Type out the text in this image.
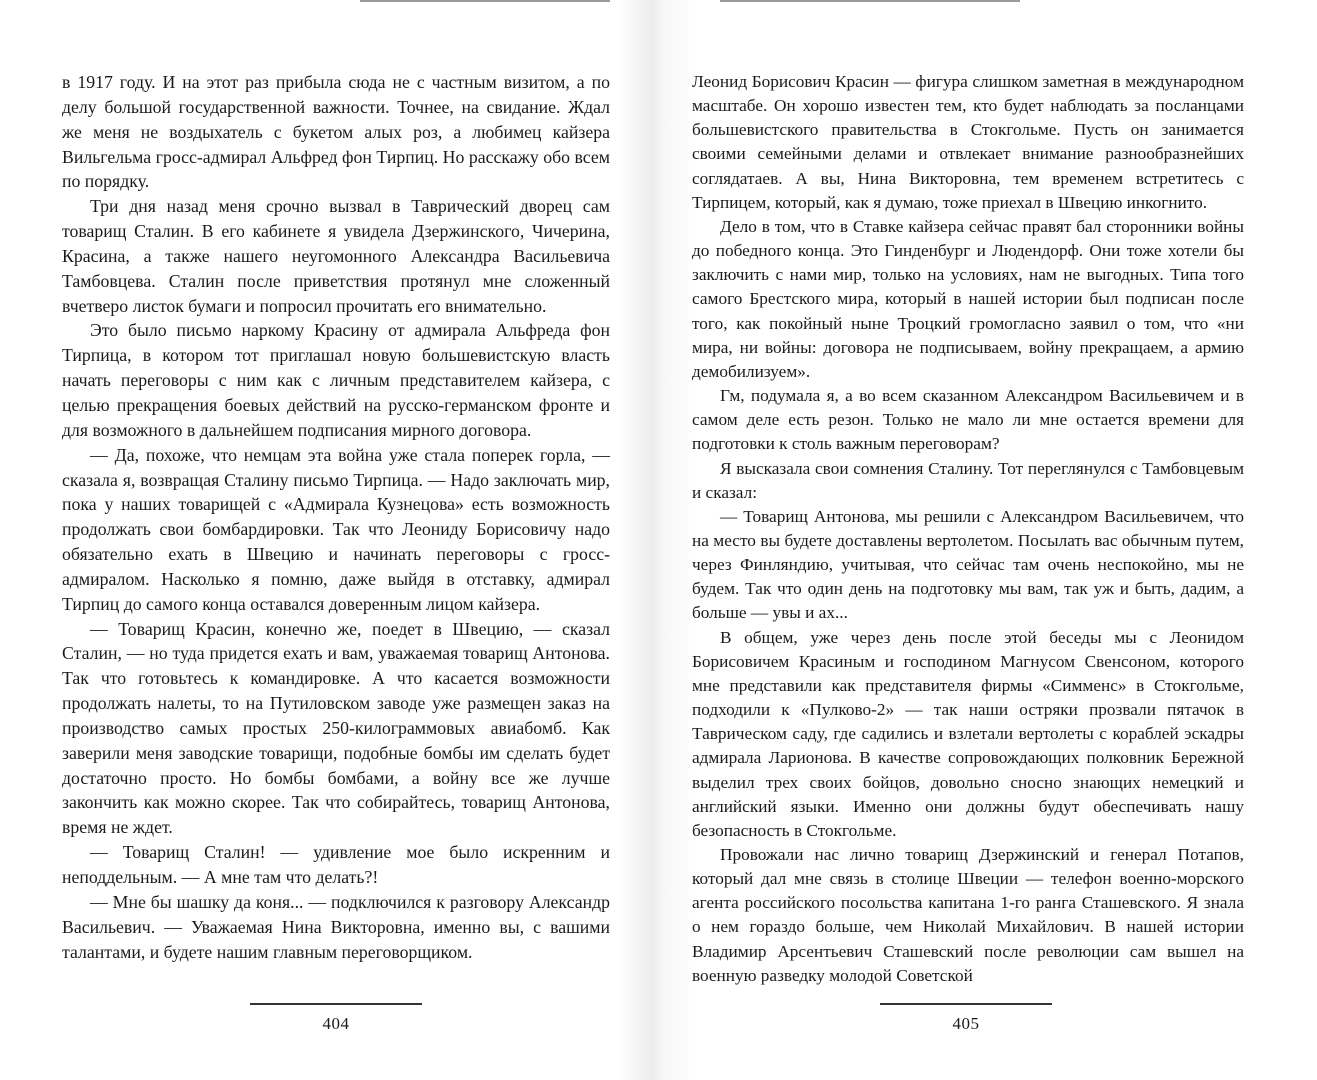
в 1917 году. И на этот раз прибыла сюда не с частным визитом, а по делу большой государственной важности. Точнее, на свидание. Ждал же меня не воздыхатель с букетом алых роз, а любимец кайзера Вильгельма гросс-адмирал Альфред фон Тирпиц. Но расскажу обо всем по порядку.

Три дня назад меня срочно вызвал в Таврический дворец сам товарищ Сталин. В его кабинете я увидела Дзержинского, Чичерина, Красина, а также нашего неугомонного Александра Васильевича Тамбовцева. Сталин после приветствия протянул мне сложенный вчетверо листок бумаги и попросил прочитать его внимательно.

Это было письмо наркому Красину от адмирала Альфреда фон Тирпица, в котором тот приглашал новую большевистскую власть начать переговоры с ним как с личным представителем кайзера, с целью прекращения боевых действий на русско-германском фронте и для возможного в дальнейшем подписания мирного договора.

— Да, похоже, что немцам эта война уже стала поперек горла, — сказала я, возвращая Сталину письмо Тирпица. — Надо заключать мир, пока у наших товарищей с «Адмирала Кузнецова» есть возможность продолжать свои бомбардировки. Так что Леониду Борисовичу надо обязательно ехать в Швецию и начинать переговоры с гросс-адмиралом. Насколько я помню, даже выйдя в отставку, адмирал Тирпиц до самого конца оставался доверенным лицом кайзера.

— Товарищ Красин, конечно же, поедет в Швецию, — сказал Сталин, — но туда придется ехать и вам, уважаемая товарищ Антонова. Так что готовьтесь к командировке. А что касается возможности продолжать налеты, то на Путиловском заводе уже размещен заказ на производство самых простых 250-килограммовых авиабомб. Как заверили меня заводские товарищи, подобные бомбы им сделать будет достаточно просто. Но бомбы бомбами, а войну все же лучше закончить как можно скорее. Так что собирайтесь, товарищ Антонова, время не ждет.

— Товарищ Сталин! — удивление мое было искренним и неподдельным. — А мне там что делать?!

— Мне бы шашку да коня... — подключился к разговору Александр Васильевич. — Уважаемая Нина Викторовна, именно вы, с вашими талантами, и будете нашим главным переговорщиком.

Леонид Борисович Красин — фигура слишком заметная в международном масштабе. Он хорошо известен тем, кто будет наблюдать за посланцами большевистского правительства в Стокгольме. Пусть он занимается своими семейными делами и отвлекает внимание разнообразнейших соглядатаев. А вы, Нина Викторовна, тем временем встретитесь с Тирпицем, который, как я думаю, тоже приехал в Швецию инкогнито.

Дело в том, что в Ставке кайзера сейчас правят бал сторонники войны до победного конца. Это Гинденбург и Людендорф. Они тоже хотели бы заключить с нами мир, только на условиях, нам не выгодных. Типа того самого Брестского мира, который в нашей истории был подписан после того, как покойный ныне Троцкий громогласно заявил о том, что «ни мира, ни войны: договора не подписываем, войну прекращаем, а армию демобилизуем».

Гм, подумала я, а во всем сказанном Александром Васильевичем и в самом деле есть резон. Только не мало ли мне остается времени для подготовки к столь важным переговорам?

Я высказала свои сомнения Сталину. Тот переглянулся с Тамбовцевым и сказал:

— Товарищ Антонова, мы решили с Александром Васильевичем, что на место вы будете доставлены вертолетом. Посылать вас обычным путем, через Финляндию, учитывая, что сейчас там очень неспокойно, мы не будем. Так что один день на подготовку мы вам, так уж и быть, дадим, а больше — увы и ах...

В общем, уже через день после этой беседы мы с Леонидом Борисовичем Красиным и господином Магнусом Свенсоном, которого мне представили как представителя фирмы «Симменс» в Стокгольме, подходили к «Пулково-2» — так наши остряки прозвали пятачок в Таврическом саду, где садились и взлетали вертолеты с кораблей эскадры адмирала Ларионова. В качестве сопровождающих полковник Бережной выделил трех своих бойцов, довольно сносно знающих немецкий и английский языки. Именно они должны будут обеспечивать нашу безопасность в Стокгольме.

Провожали нас лично товарищ Дзержинский и генерал Потапов, который дал мне связь в столице Швеции — телефон военно-морского агента российского посольства капитана 1-го ранга Сташевского. Я знала о нем гораздо больше, чем Николай Михайлович. В нашей истории Владимир Арсентьевич Сташевский после революции сам вышел на военную разведку молодой Советской

404	405
